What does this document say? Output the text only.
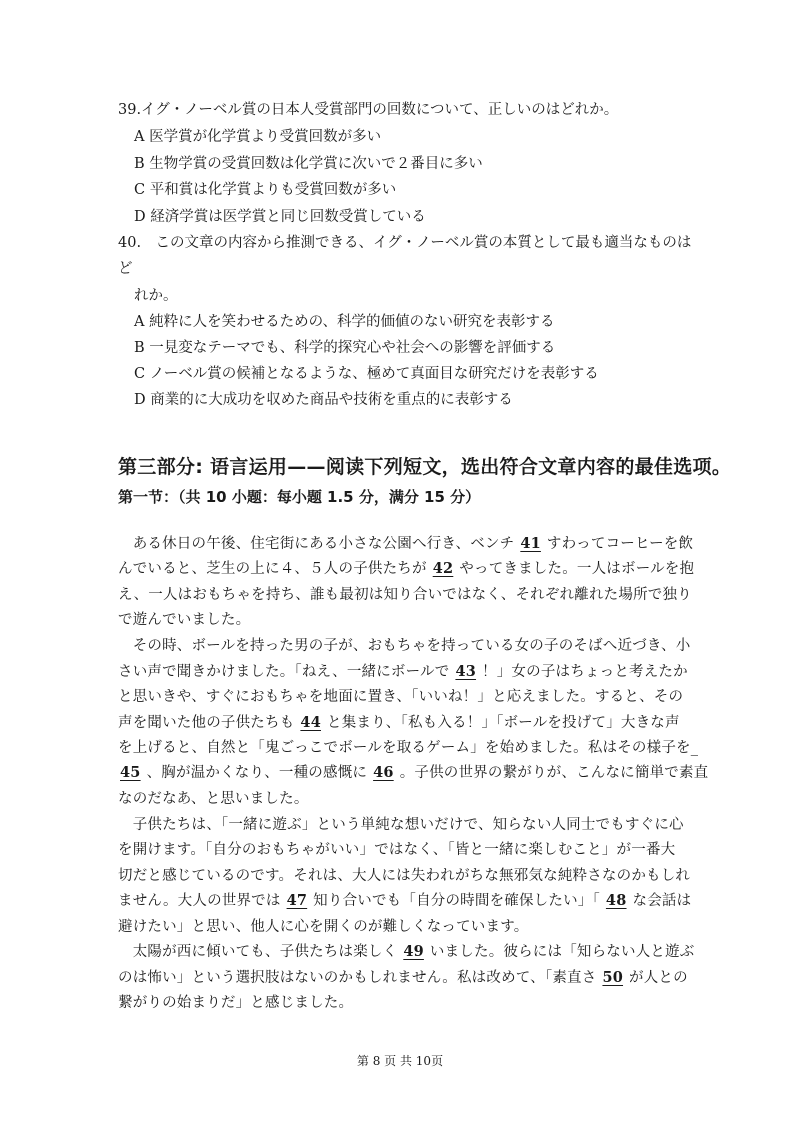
39.イグ・ノーベル賞の日本人受賞部門の回数について、正しいのはどれか。
A 医学賞が化学賞より受賞回数が多い
B 生物学賞の受賞回数は化学賞に次いで２番目に多い
C 平和賞は化学賞よりも受賞回数が多い
D 経済学賞は医学賞と同じ回数受賞している
40.　この文章の内容から推測できる、イグ・ノーベル賞の本質として最も適当なものは
ど
れか。
A 純粋に人を笑わせるための、科学的価値のない研究を表彰する
B 一見変なテーマでも、科学的探究心や社会への影響を評価する
C ノーベル賞の候補となるような、極めて真面目な研究だけを表彰する
D 商業的に大成功を収めた商品や技術を重点的に表彰する
第三部分: 语言运用——阅读下列短文，选出符合文章内容的最佳选项。
第一节：（共 10 小题：每小题 1.5 分，满分 15 分）
　ある休日の午後、住宅街にある小さな公園へ行き、ベンチ 41 すわってコーヒーを飲
んでいると、芝生の上に４、５人の子供たちが 42 やってきました。一人はボールを抱
え、一人はおもちゃを持ち、誰も最初は知り合いではなく、それぞれ離れた場所で独り
で遊んでいました。
　その時、ボールを持った男の子が、おもちゃを持っている女の子のそばへ近づき、小
さい声で聞きかけました。「ねえ、一緒にボールで 43 ！」女の子はちょっと考えたか
と思いきや、すぐにおもちゃを地面に置き、「いいね！」と応えました。すると、その
声を聞いた他の子供たちも 44 と集まり、「私も入る！」「ボールを投げて」大きな声
を上げると、自然と「鬼ごっこでボールを取るゲーム」を始めました。私はその様子を_
45 、胸が温かくなり、一種の感慨に 46 。子供の世界の繋がりが、こんなに簡単で素直
なのだなあ、と思いました。
　子供たちは、「一緒に遊ぶ」という単純な想いだけで、知らない人同士でもすぐに心
を開けます。「自分のおもちゃがいい」ではなく、「皆と一緒に楽しむこと」が一番大
切だと感じているのです。それは、大人には失われがちな無邪気な純粋さなのかもしれ
ません。大人の世界では 47 知り合いでも「自分の時間を確保したい」「 48 な会話は
避けたい」と思い、他人に心を開くのが難しくなっています。
　太陽が西に傾いても、子供たちは楽しく 49 いました。彼らには「知らない人と遊ぶ
のは怖い」という選択肢はないのかもしれません。私は改めて、「素直さ 50 が人との
繋がりの始まりだ」と感じました。
第 8 页 共 10页
